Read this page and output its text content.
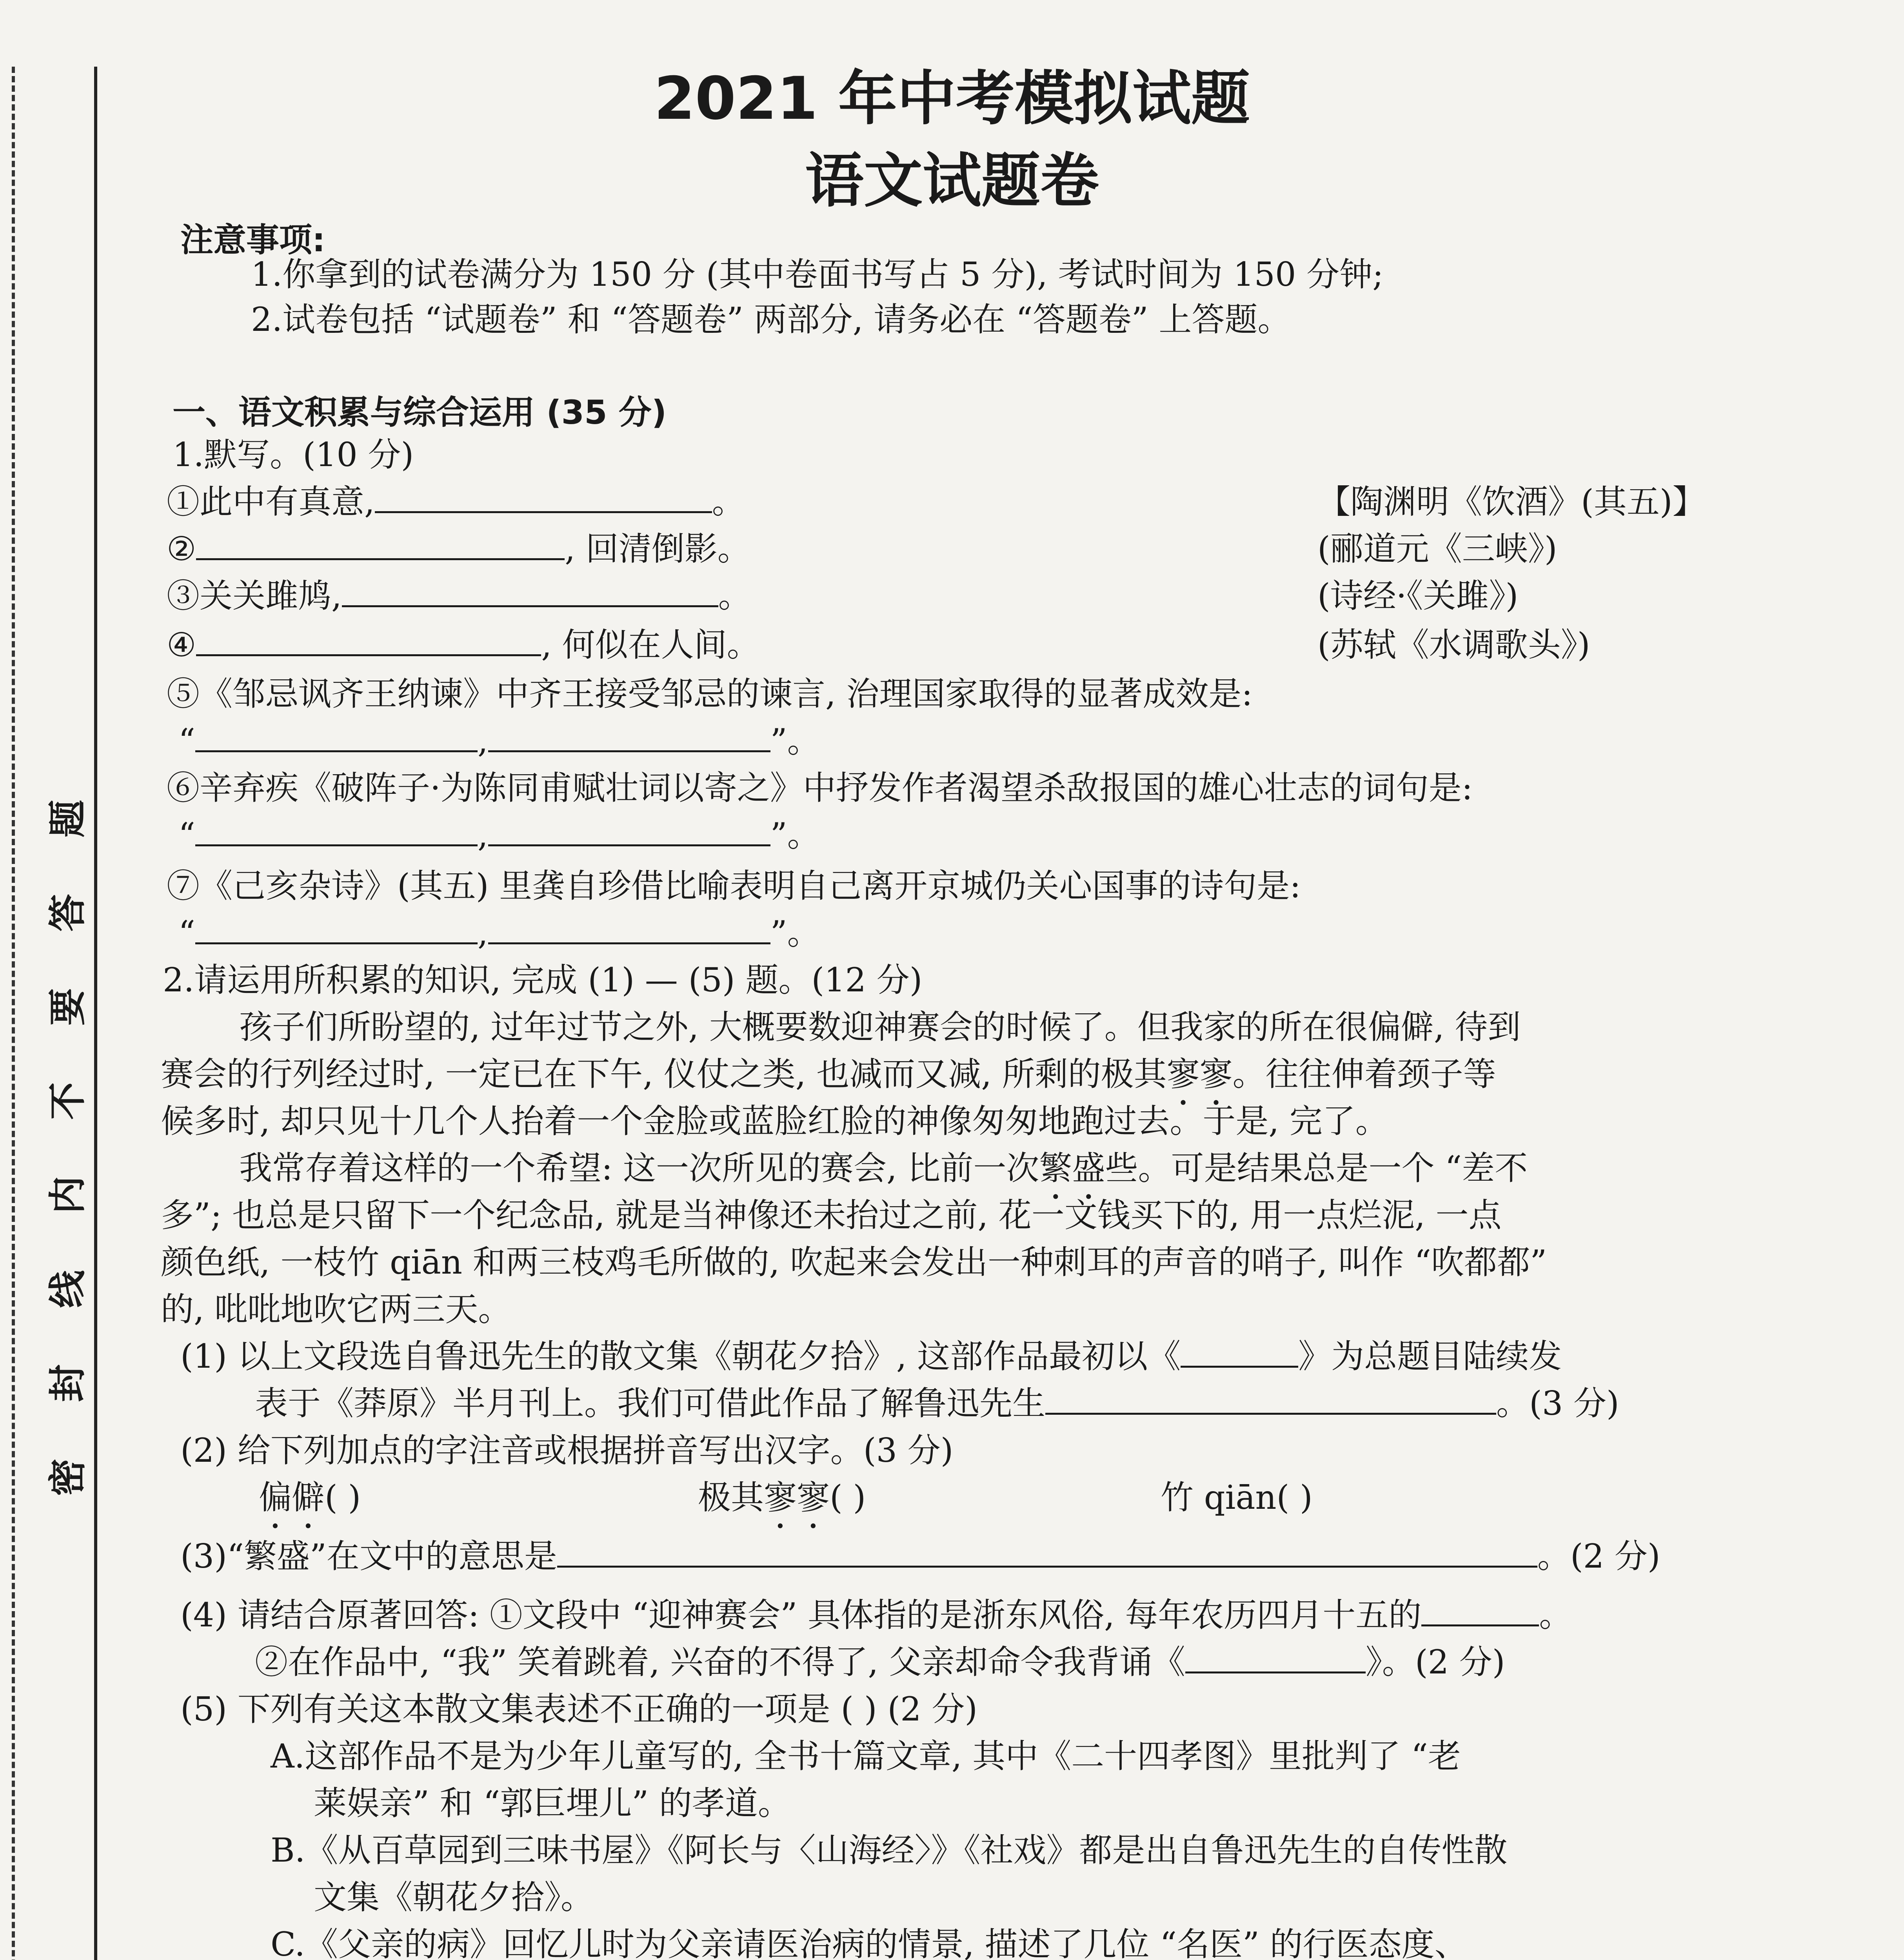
密
封
线
内
不
要
答
题
2021 年中考模拟试题
语文试题卷
注意事项:
1.你拿到的试卷满分为 150 分 (其中卷面书写占 5 分), 考试时间为 150 分钟;
2.试卷包括 “试题卷” 和 “答题卷” 两部分, 请务必在 “答题卷” 上答题。
一、语文积累与综合运用 (35 分)
1.默写。(10 分)
①此中有真意,	。	【陶渊明《饮酒》(其五)】
②	, 回清倒影。	(郦道元《三峡》)
③关关雎鸠,	。	(诗经·《关雎》)
④	, 何似在人间。	(苏轼《水调歌头》)
⑤《邹忌讽齐王纳谏》中齐王接受邹忌的谏言, 治理国家取得的显著成效是:
“	,	”。
⑥辛弃疾《破阵子·为陈同甫赋壮词以寄之》中抒发作者渴望杀敌报国的雄心壮志的词句是:
“	,	”。
⑦《己亥杂诗》(其五) 里龚自珍借比喻表明自己离开京城仍关心国事的诗句是:
“	,	”。
2.请运用所积累的知识, 完成 (1) — (5) 题。(12 分)
孩子们所盼望的, 过年过节之外, 大概要数迎神赛会的时候了。但我家的所在很偏僻, 待到
赛会的行列经过时, 一定已在下午, 仪仗之类, 也减而又减, 所剩的极其寥寥。往往伸着颈子等
候多时, 却只见十几个人抬着一个金脸或蓝脸红脸的神像匆匆地跑过去。于是, 完了。
我常存着这样的一个希望: 这一次所见的赛会, 比前一次繁盛些。可是结果总是一个 “差不
多”; 也总是只留下一个纪念品, 就是当神像还未抬过之前, 花一文钱买下的, 用一点烂泥, 一点
颜色纸, 一枝竹 qiān 和两三枝鸡毛所做的, 吹起来会发出一种刺耳的声音的哨子, 叫作 “吹都都”
的, 吡吡地吹它两三天。
(1) 以上文段选自鲁迅先生的散文集《朝花夕拾》, 这部作品最初以《	》为总题目陆续发
表于《莽原》半月刊上。我们可借此作品了解鲁迅先生	。(3 分)
(2) 给下列加点的字注音或根据拼音写出汉字。(3 分)
偏僻( )	极其寥寥( )	竹 qiān( )
(3)“繁盛”在文中的意思是	。(2 分)
(4) 请结合原著回答: ①文段中 “迎神赛会” 具体指的是浙东风俗, 每年农历四月十五的	。
②在作品中, “我” 笑着跳着, 兴奋的不得了, 父亲却命令我背诵《	》。(2 分)
(5) 下列有关这本散文集表述不正确的一项是 ( ) (2 分)
A.这部作品不是为少年儿童写的, 全书十篇文章, 其中《二十四孝图》里批判了 “老
莱娱亲” 和 “郭巨埋儿” 的孝道。
B.《从百草园到三味书屋》《阿长与〈山海经〉》《社戏》都是出自鲁迅先生的自传性散
文集《朝花夕拾》。
C.《父亲的病》回忆儿时为父亲请医治病的情景, 描述了几位 “名医” 的行医态度、
